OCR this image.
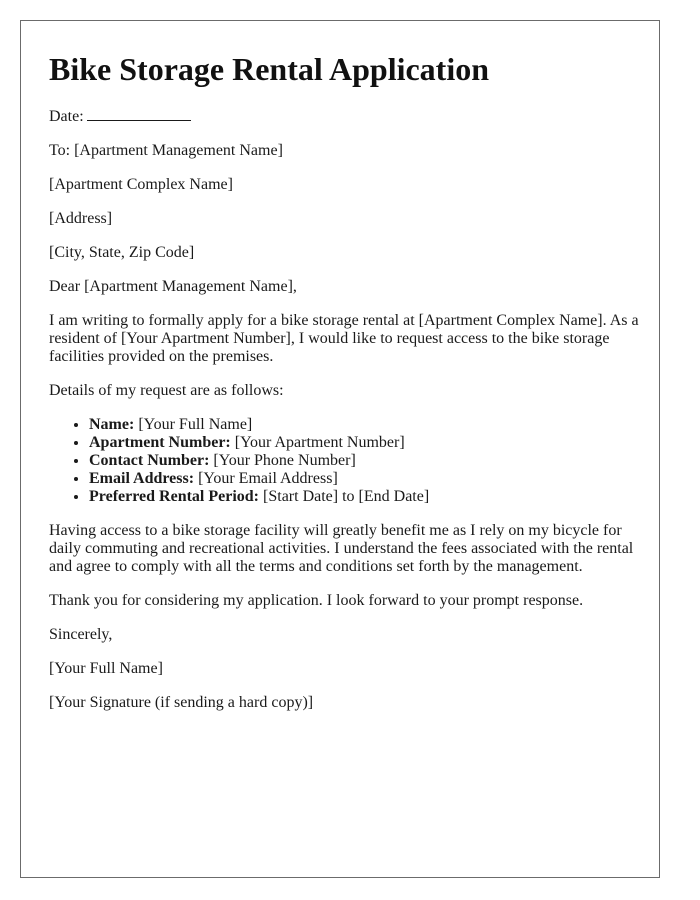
Bike Storage Rental Application

Date:

To: [Apartment Management Name]

[Apartment Complex Name]

[Address]

[City, State, Zip Code]

Dear [Apartment Management Name],

I am writing to formally apply for a bike storage rental at [Apartment Complex Name]. As a resident of [Your Apartment Number], I would like to request access to the bike storage facilities provided on the premises.

Details of my request are as follows:

• Name: [Your Full Name]
• Apartment Number: [Your Apartment Number]
• Contact Number: [Your Phone Number]
• Email Address: [Your Email Address]
• Preferred Rental Period: [Start Date] to [End Date]

Having access to a bike storage facility will greatly benefit me as I rely on my bicycle for daily commuting and recreational activities. I understand the fees associated with the rental and agree to comply with all the terms and conditions set forth by the management.

Thank you for considering my application. I look forward to your prompt response.

Sincerely,

[Your Full Name]

[Your Signature (if sending a hard copy)]
